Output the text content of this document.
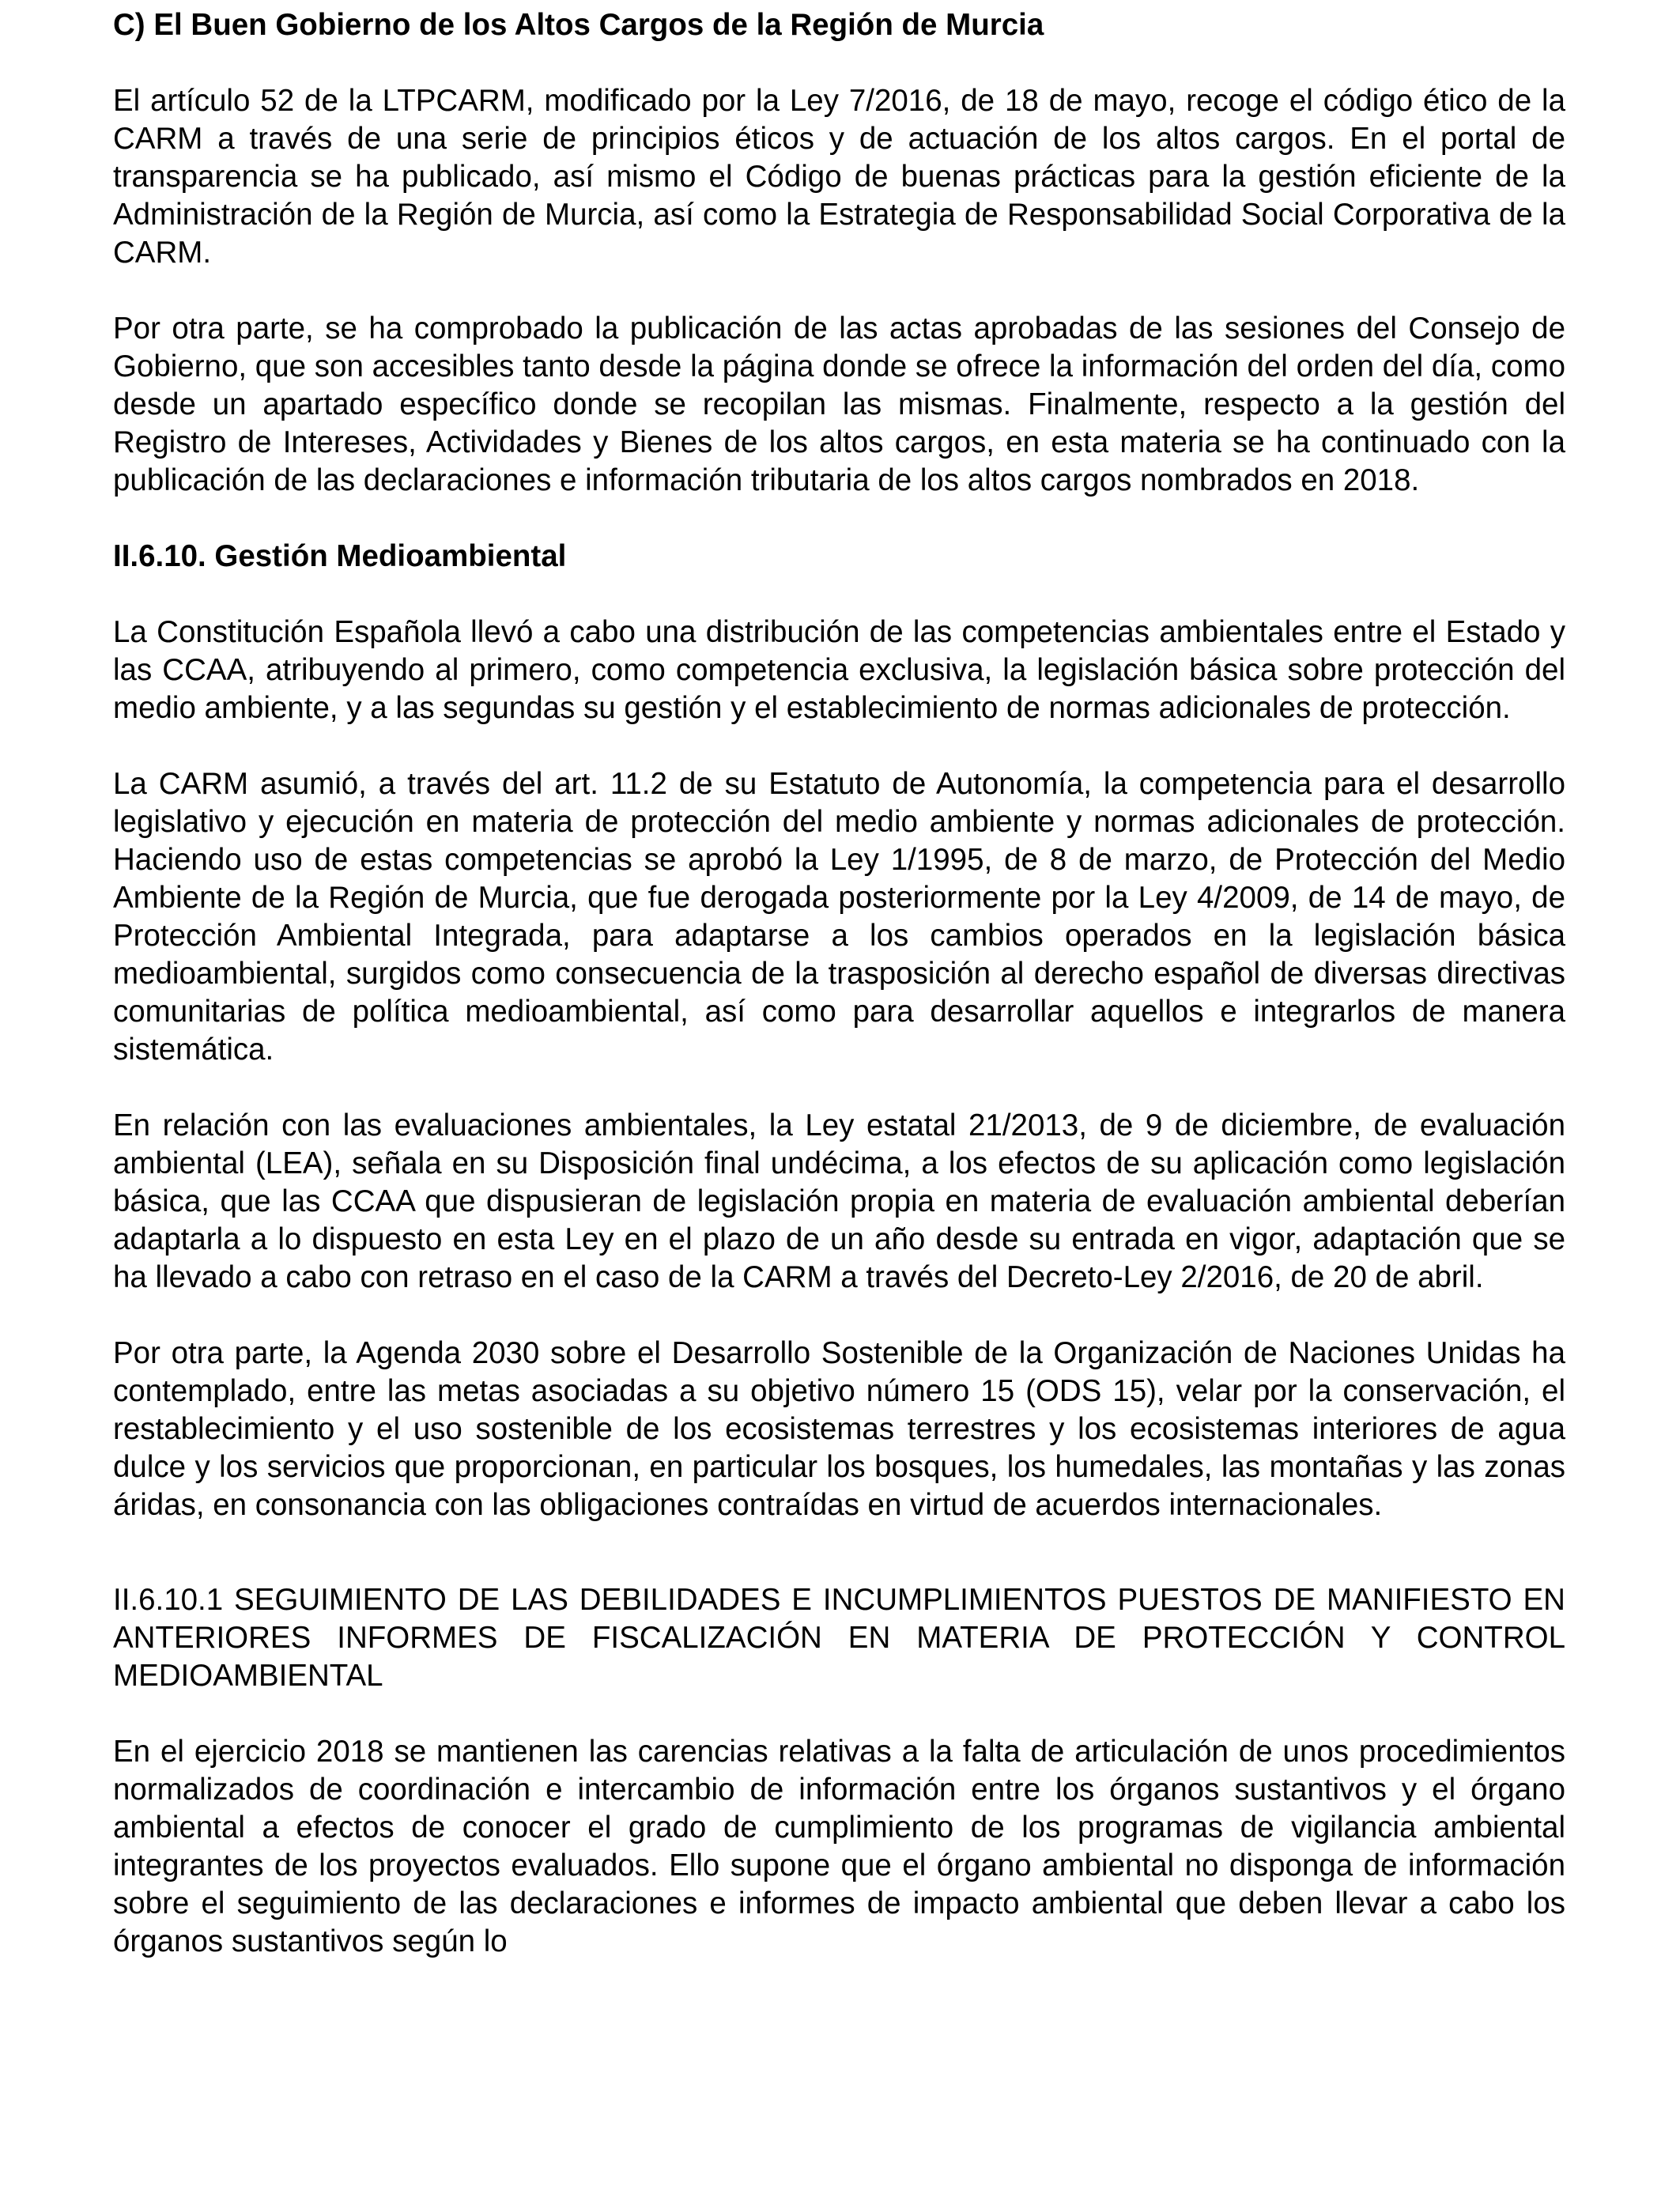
C) El Buen Gobierno de los Altos Cargos de la Región de Murcia

El artículo 52 de la LTPCARM, modificado por la Ley 7/2016, de 18 de mayo, recoge el código ético de la CARM a través de una serie de principios éticos y de actuación de los altos cargos. En el portal de transparencia se ha publicado, así mismo el Código de buenas prácticas para la gestión eficiente de la Administración de la Región de Murcia, así como la Estrategia de Responsabilidad Social Corporativa de la CARM.

Por otra parte, se ha comprobado la publicación de las actas aprobadas de las sesiones del Consejo de Gobierno, que son accesibles tanto desde la página donde se ofrece la información del orden del día, como desde un apartado específico donde se recopilan las mismas. Finalmente, respecto a la gestión del Registro de Intereses, Actividades y Bienes de los altos cargos, en esta materia se ha continuado con la publicación de las declaraciones e información tributaria de los altos cargos nombrados en 2018.

II.6.10. Gestión Medioambiental

La Constitución Española llevó a cabo una distribución de las competencias ambientales entre el Estado y las CCAA, atribuyendo al primero, como competencia exclusiva, la legislación básica sobre protección del medio ambiente, y a las segundas su gestión y el establecimiento de normas adicionales de protección.

La CARM asumió, a través del art. 11.2 de su Estatuto de Autonomía, la competencia para el desarrollo legislativo y ejecución en materia de protección del medio ambiente y normas adicionales de protección. Haciendo uso de estas competencias se aprobó la Ley 1/1995, de 8 de marzo, de Protección del Medio Ambiente de la Región de Murcia, que fue derogada posteriormente por la Ley 4/2009, de 14 de mayo, de Protección Ambiental Integrada, para adaptarse a los cambios operados en la legislación básica medioambiental, surgidos como consecuencia de la trasposición al derecho español de diversas directivas comunitarias de política medioambiental, así como para desarrollar aquellos e integrarlos de manera sistemática.

En relación con las evaluaciones ambientales, la Ley estatal 21/2013, de 9 de diciembre, de evaluación ambiental (LEA), señala en su Disposición final undécima, a los efectos de su aplicación como legislación básica, que las CCAA que dispusieran de legislación propia en materia de evaluación ambiental deberían adaptarla a lo dispuesto en esta Ley en el plazo de un año desde su entrada en vigor, adaptación que se ha llevado a cabo con retraso en el caso de la CARM a través del Decreto-Ley 2/2016, de 20 de abril.

Por otra parte, la Agenda 2030 sobre el Desarrollo Sostenible de la Organización de Naciones Unidas ha contemplado, entre las metas asociadas a su objetivo número 15 (ODS 15), velar por la conservación, el restablecimiento y el uso sostenible de los ecosistemas terrestres y los ecosistemas interiores de agua dulce y los servicios que proporcionan, en particular los bosques, los humedales, las montañas y las zonas áridas, en consonancia con las obligaciones contraídas en virtud de acuerdos internacionales.

II.6.10.1 SEGUIMIENTO DE LAS DEBILIDADES E INCUMPLIMIENTOS PUESTOS DE MANIFIESTO EN ANTERIORES INFORMES DE FISCALIZACIÓN EN MATERIA DE PROTECCIÓN Y CONTROL MEDIOAMBIENTAL

En el ejercicio 2018 se mantienen las carencias relativas a la falta de articulación de unos procedimientos normalizados de coordinación e intercambio de información entre los órganos sustantivos y el órgano ambiental a efectos de conocer el grado de cumplimiento de los programas de vigilancia ambiental integrantes de los proyectos evaluados. Ello supone que el órgano ambiental no disponga de información sobre el seguimiento de las declaraciones e informes de impacto ambiental que deben llevar a cabo los órganos sustantivos según lo
